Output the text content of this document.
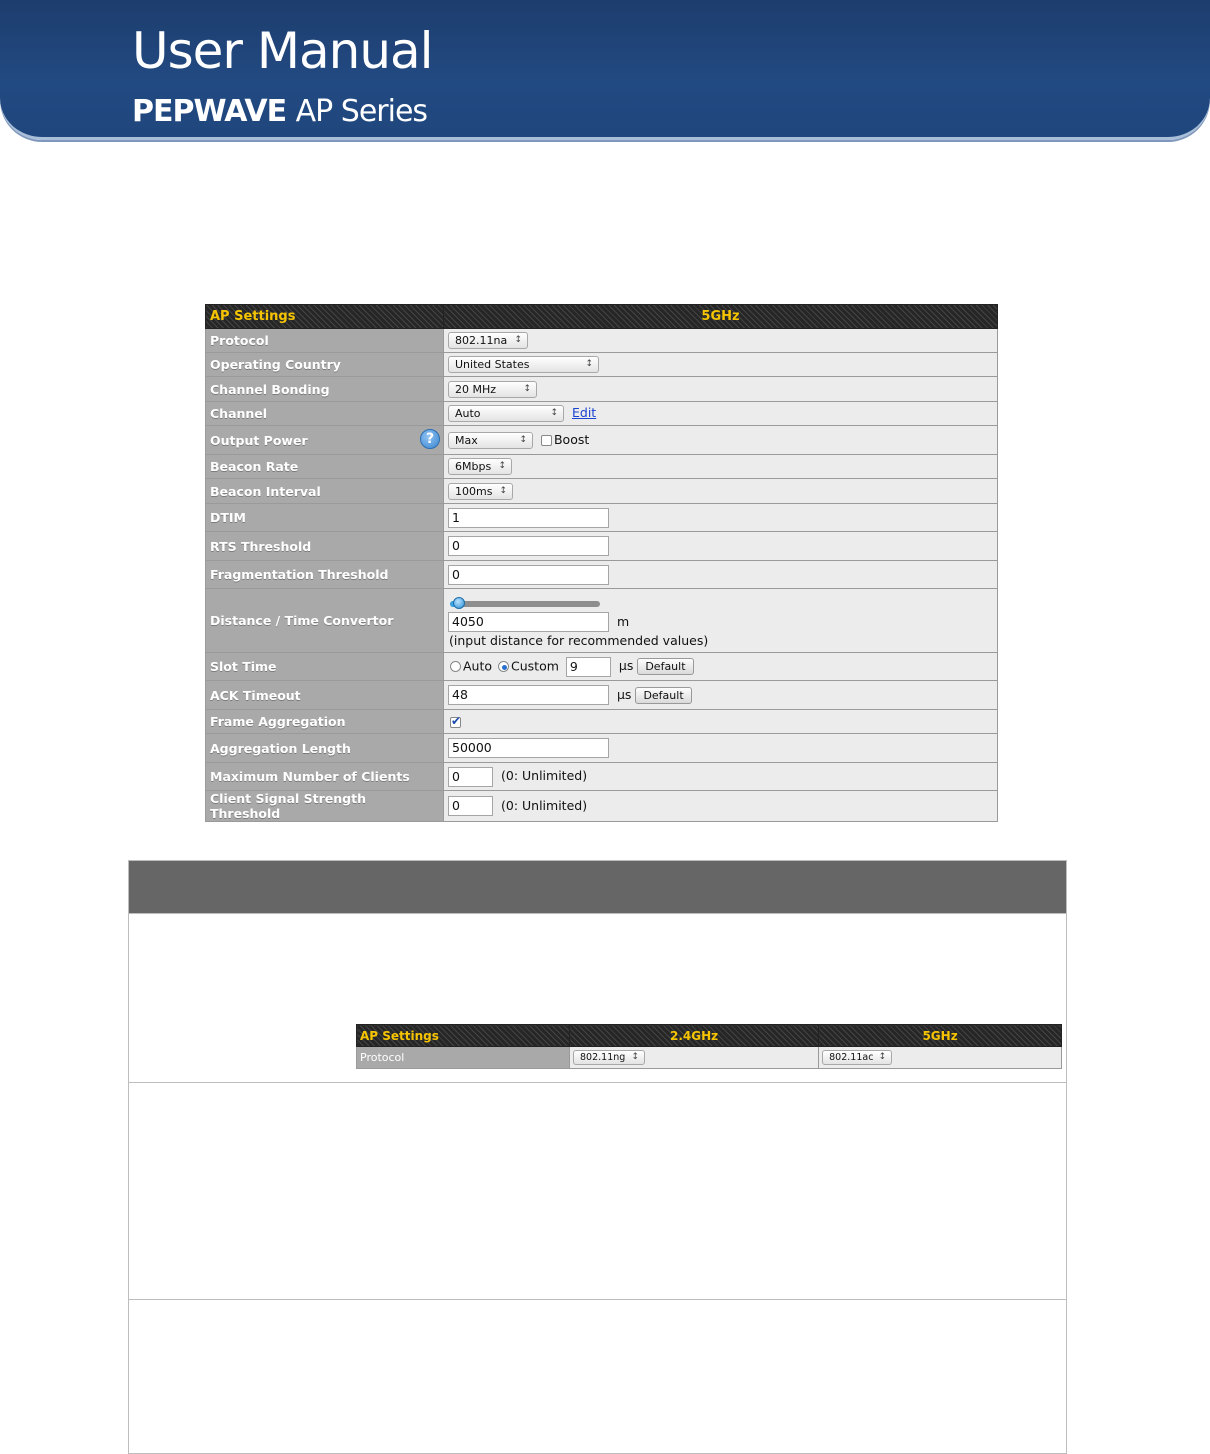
User Manual
PEPWAVE AP Series
AP Settings	5GHz
Protocol	802.11na ↕
Operating Country	United States ↕
Channel Bonding	20 MHz ↕
Channel	Auto ↕ Edit
Output Power ?	Max ↕ Boost
Beacon Rate	6Mbps ↕
Beacon Interval	100ms ↕
DTIM	1
RTS Threshold	0
Fragmentation Threshold	0
Distance / Time Convertor	4050 m
(input distance for recommended values)

Slot Time	Auto Custom 9 μs Default
ACK Timeout	48 μs Default
Frame Aggregation	✔
Aggregation Length	50000
Maximum Number of Clients	0 (0: Unlimited)
Client Signal Strength Threshold	0 (0: Unlimited)
AP Settings	2.4GHz	5GHz
Protocol	802.11ng ↕	802.11ac ↕
